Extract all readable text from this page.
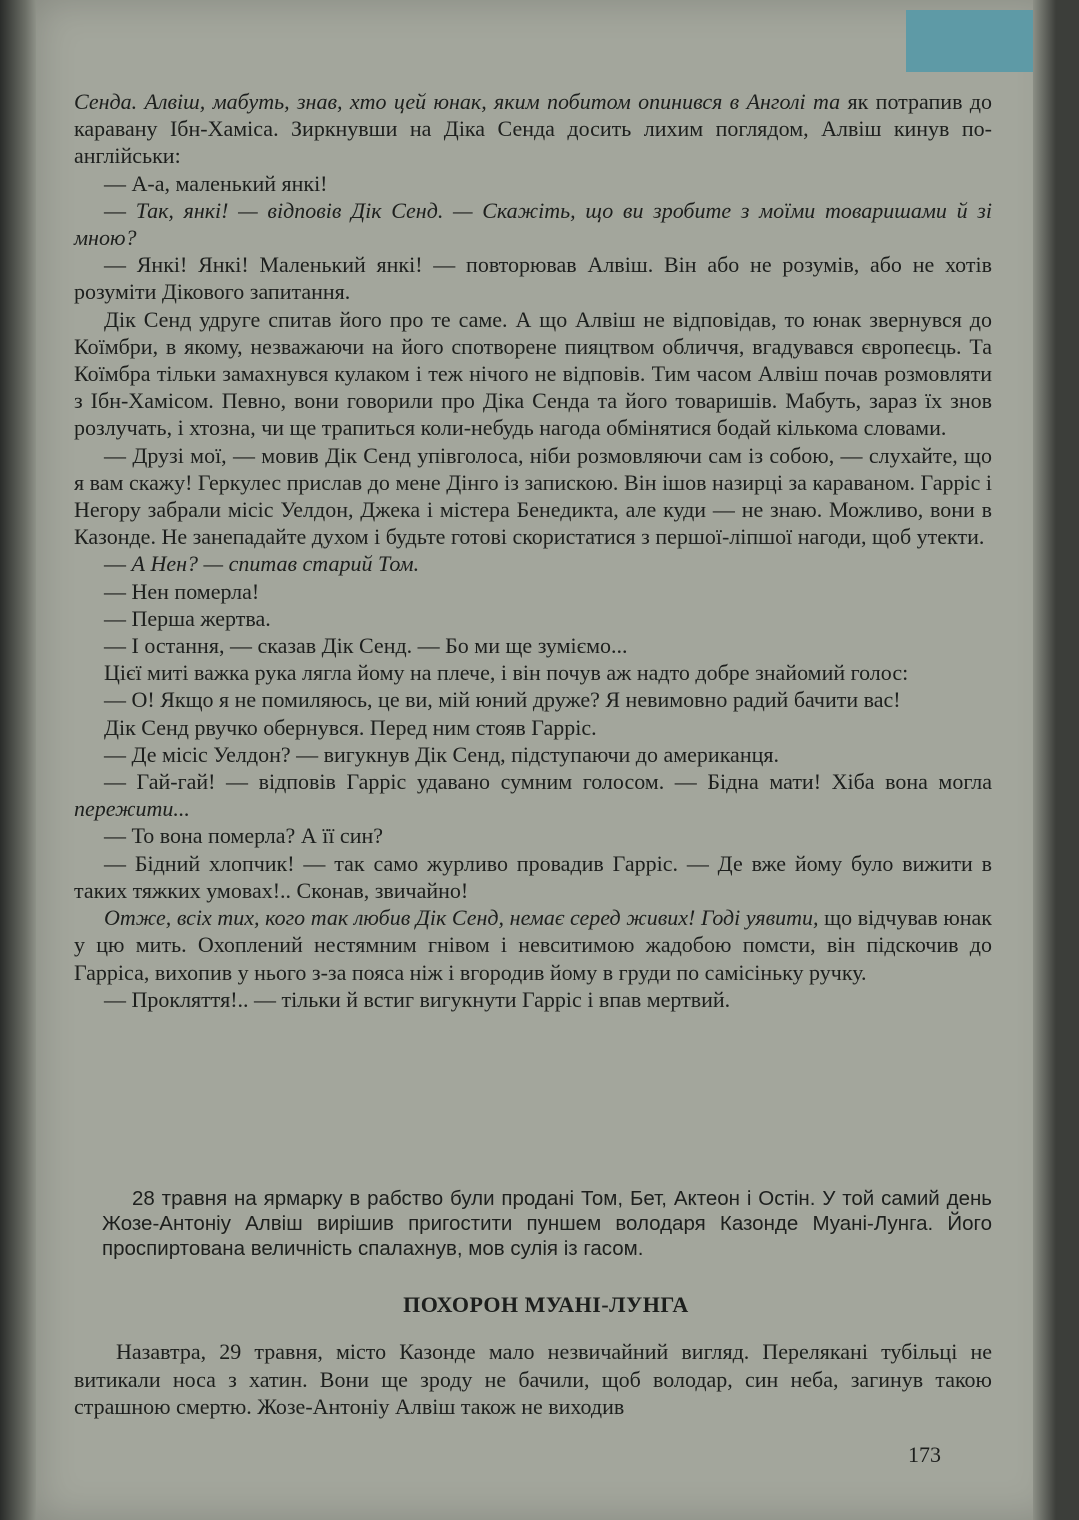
Сенда. Алвіш, мабуть, знав, хто цей юнак, яким побитом опинився в Анголі та як потрапив до каравану Ібн-Хаміса. Зиркнувши на Діка Сенда досить лихим поглядом, Алвіш кинув по-англійськи:

— А-а, маленький янкі!

— Так, янкі! — відповів Дік Сенд. — Скажіть, що ви зробите з моїми товаришами й зі мною?

— Янкі! Янкі! Маленький янкі! — повторював Алвіш. Він або не розумів, або не хотів розуміти Дікового запитання.

Дік Сенд удруге спитав його про те саме. А що Алвіш не відповідав, то юнак звернувся до Коїмбри, в якому, незважаючи на його спотворене пияцтвом обличчя, вгадувався європеєць. Та Коїмбра тільки замахнувся кулаком і теж нічого не відповів. Тим часом Алвіш почав розмовляти з Ібн-Хамісом. Певно, вони говорили про Діка Сенда та його товаришів. Мабуть, зараз їх знов розлучать, і хтозна, чи ще трапиться коли-небудь нагода обмінятися бодай кількома словами.

— Друзі мої, — мовив Дік Сенд упівголоса, ніби розмовляючи сам із собою, — слухайте, що я вам скажу! Геркулес прислав до мене Дінго із запискою. Він ішов назирці за караваном. Гарріс і Негору забрали місіс Уелдон, Джека і містера Бенедикта, але куди — не знаю. Можливо, вони в Казонде. Не занепадайте духом і будьте готові скористатися з першої-ліпшої нагоди, щоб утекти.

— А Нен? — спитав старий Том.

— Нен померла!

— Перша жертва.

— І остання, — сказав Дік Сенд. — Бо ми ще зуміємо...

Цієї миті важка рука лягла йому на плече, і він почув аж надто добре знайомий голос:

— О! Якщо я не помиляюсь, це ви, мій юний друже? Я невимовно радий бачити вас!

Дік Сенд рвучко обернувся. Перед ним стояв Гарріс.

— Де місіс Уелдон? — вигукнув Дік Сенд, підступаючи до американця.

— Гай-гай! — відповів Гарріс удавано сумним голосом. — Бідна мати! Хіба вона могла пережити...

— То вона померла? А її син?

— Бідний хлопчик! — так само журливо провадив Гарріс. — Де вже йому було вижити в таких тяжких умовах!.. Сконав, звичайно!

Отже, всіх тих, кого так любив Дік Сенд, немає серед живих! Годі уявити, що відчував юнак у цю мить. Охоплений нестямним гнівом і невситимою жадобою помсти, він підскочив до Гарріса, вихопив у нього з-за пояса ніж і вгородив йому в груди по самісіньку ручку.

— Прокляття!.. — тільки й встиг вигукнути Гарріс і впав мертвий.

28 травня на ярмарку в рабство були продані Том, Бет, Актеон і Остін. У той самий день Жозе-Антоніу Алвіш вирішив пригостити пуншем володаря Казонде Муані-Лунга. Його проспиртована величність спалахнув, мов сулія із гасом.

ПОХОРОН МУАНІ-ЛУНГА

Назавтра, 29 травня, місто Казонде мало незвичайний вигляд. Перелякані тубільці не витикали носа з хатин. Вони ще зроду не бачили, щоб володар, син неба, загинув такою страшною смертю. Жозе-Антоніу Алвіш також не виходив

173
